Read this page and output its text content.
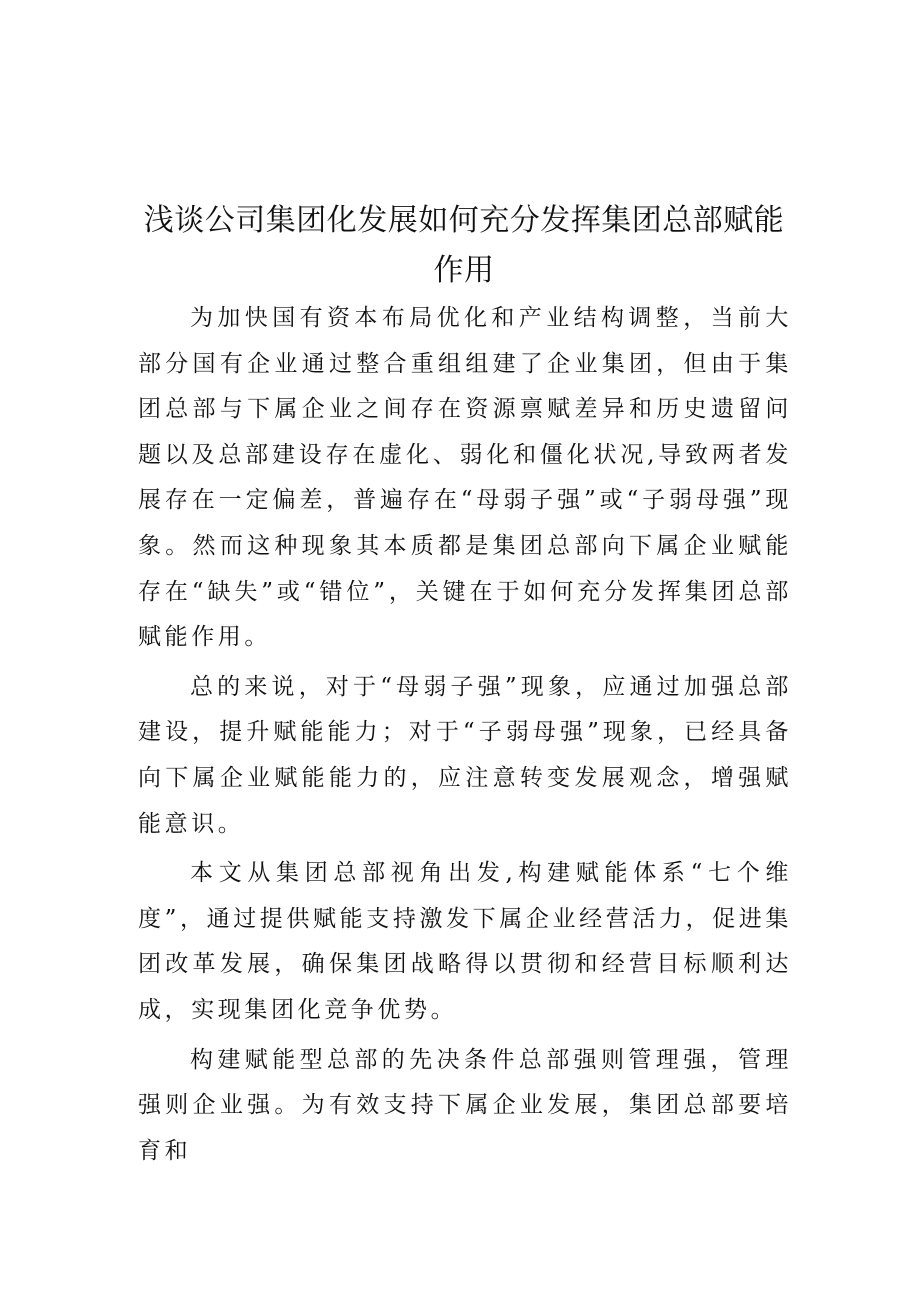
浅谈公司集团化发展如何充分发挥集团总部赋能作用

为加快国有资本布局优化和产业结构调整，当前大部分国有企业通过整合重组组建了企业集团，但由于集团总部与下属企业之间存在资源禀赋差异和历史遗留问题以及总部建设存在虚化、弱化和僵化状况,导致两者发展存在一定偏差，普遍存在“母弱子强”或“子弱母强”现象。然而这种现象其本质都是集团总部向下属企业赋能存在“缺失”或“错位”，关键在于如何充分发挥集团总部赋能作用。

总的来说，对于“母弱子强”现象，应通过加强总部建设，提升赋能能力；对于“子弱母强”现象，已经具备向下属企业赋能能力的，应注意转变发展观念，增强赋能意识。

本文从集团总部视角出发,构建赋能体系“七个维度”，通过提供赋能支持激发下属企业经营活力，促进集团改革发展，确保集团战略得以贯彻和经营目标顺利达成，实现集团化竞争优势。

构建赋能型总部的先决条件总部强则管理强，管理强则企业强。为有效支持下属企业发展，集团总部要培育和
